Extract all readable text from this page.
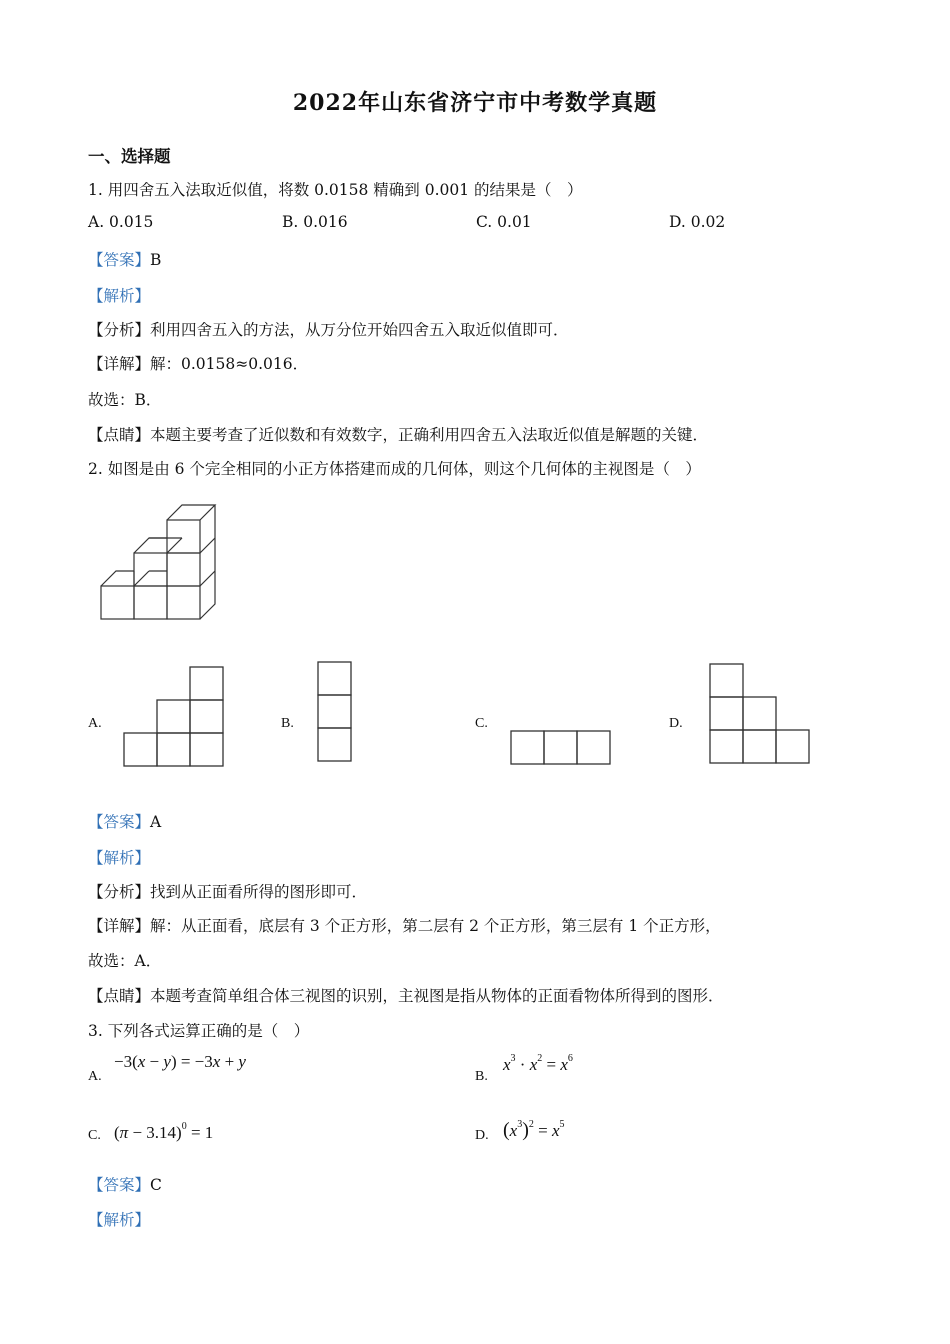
2022年山东省济宁市中考数学真题
一、选择题
1. 用四舍五入法取近似值，将数 0.0158 精确到 0.001 的结果是（　）
A. 0.015	B. 0.016	C. 0.01	D. 0.02
【答案】B
【解析】
【分析】利用四舍五入的方法，从万分位开始四舍五入取近似值即可．
【详解】解：0.0158≈0.016．
故选：B．
【点睛】本题主要考查了近似数和有效数字，正确利用四舍五入法取近似值是解题的关键．
2. 如图是由 6 个完全相同的小正方体搭建而成的几何体，则这个几何体的主视图是（　）
A.	B.	C.	D.
【答案】A
【解析】
【分析】找到从正面看所得的图形即可．
【详解】解：从正面看，底层有 3 个正方形，第二层有 2 个正方形，第三层有 1 个正方形，
故选：A．
【点睛】本题考查简单组合体三视图的识别，主视图是指从物体的正面看物体所得到的图形．
3. 下列各式运算正确的是（　）
A.
−3(x − y) = −3x + y
B.
$x^3 \cdot x^2 = x^6$
C. $(\pi - 3.14)^0 = 1$	D. $(x^3)^2 = x^5$
【答案】C
【解析】
